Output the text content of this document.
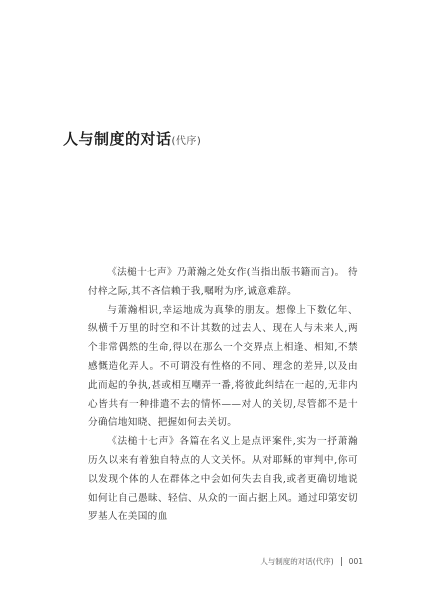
人与制度的对话(代序)

《法槌十七声》乃萧瀚之处女作(当指出版书籍而言)。 待付梓之际,其不吝信赖于我,嘱咐为序,诚意难辞。

与萧瀚相识,幸运地成为真挚的朋友。想像上下数亿年、纵横千万里的时空和不计其数的过去人、现在人与未来人,两个非常偶然的生命,得以在那么一个交界点上相逢、相知,不禁感慨造化弄人。不可谓没有性格的不同、理念的差异,以及由此而起的争执,甚或相互嘲弄一番,将彼此纠结在一起的,无非内心皆共有一种排遣不去的情怀——对人的关切,尽管都不是十分确信地知晓、把握如何去关切。

《法槌十七声》各篇在名义上是点评案件,实为一抒萧瀚历久以来有着独自特点的人文关怀。从对耶稣的审判中,你可以发现个体的人在群体之中会如何失去自我,或者更确切地说如何让自己愚昧、轻信、从众的一面占据上风。通过印第安切罗基人在美国的血

人与制度的对话(代序) 001
